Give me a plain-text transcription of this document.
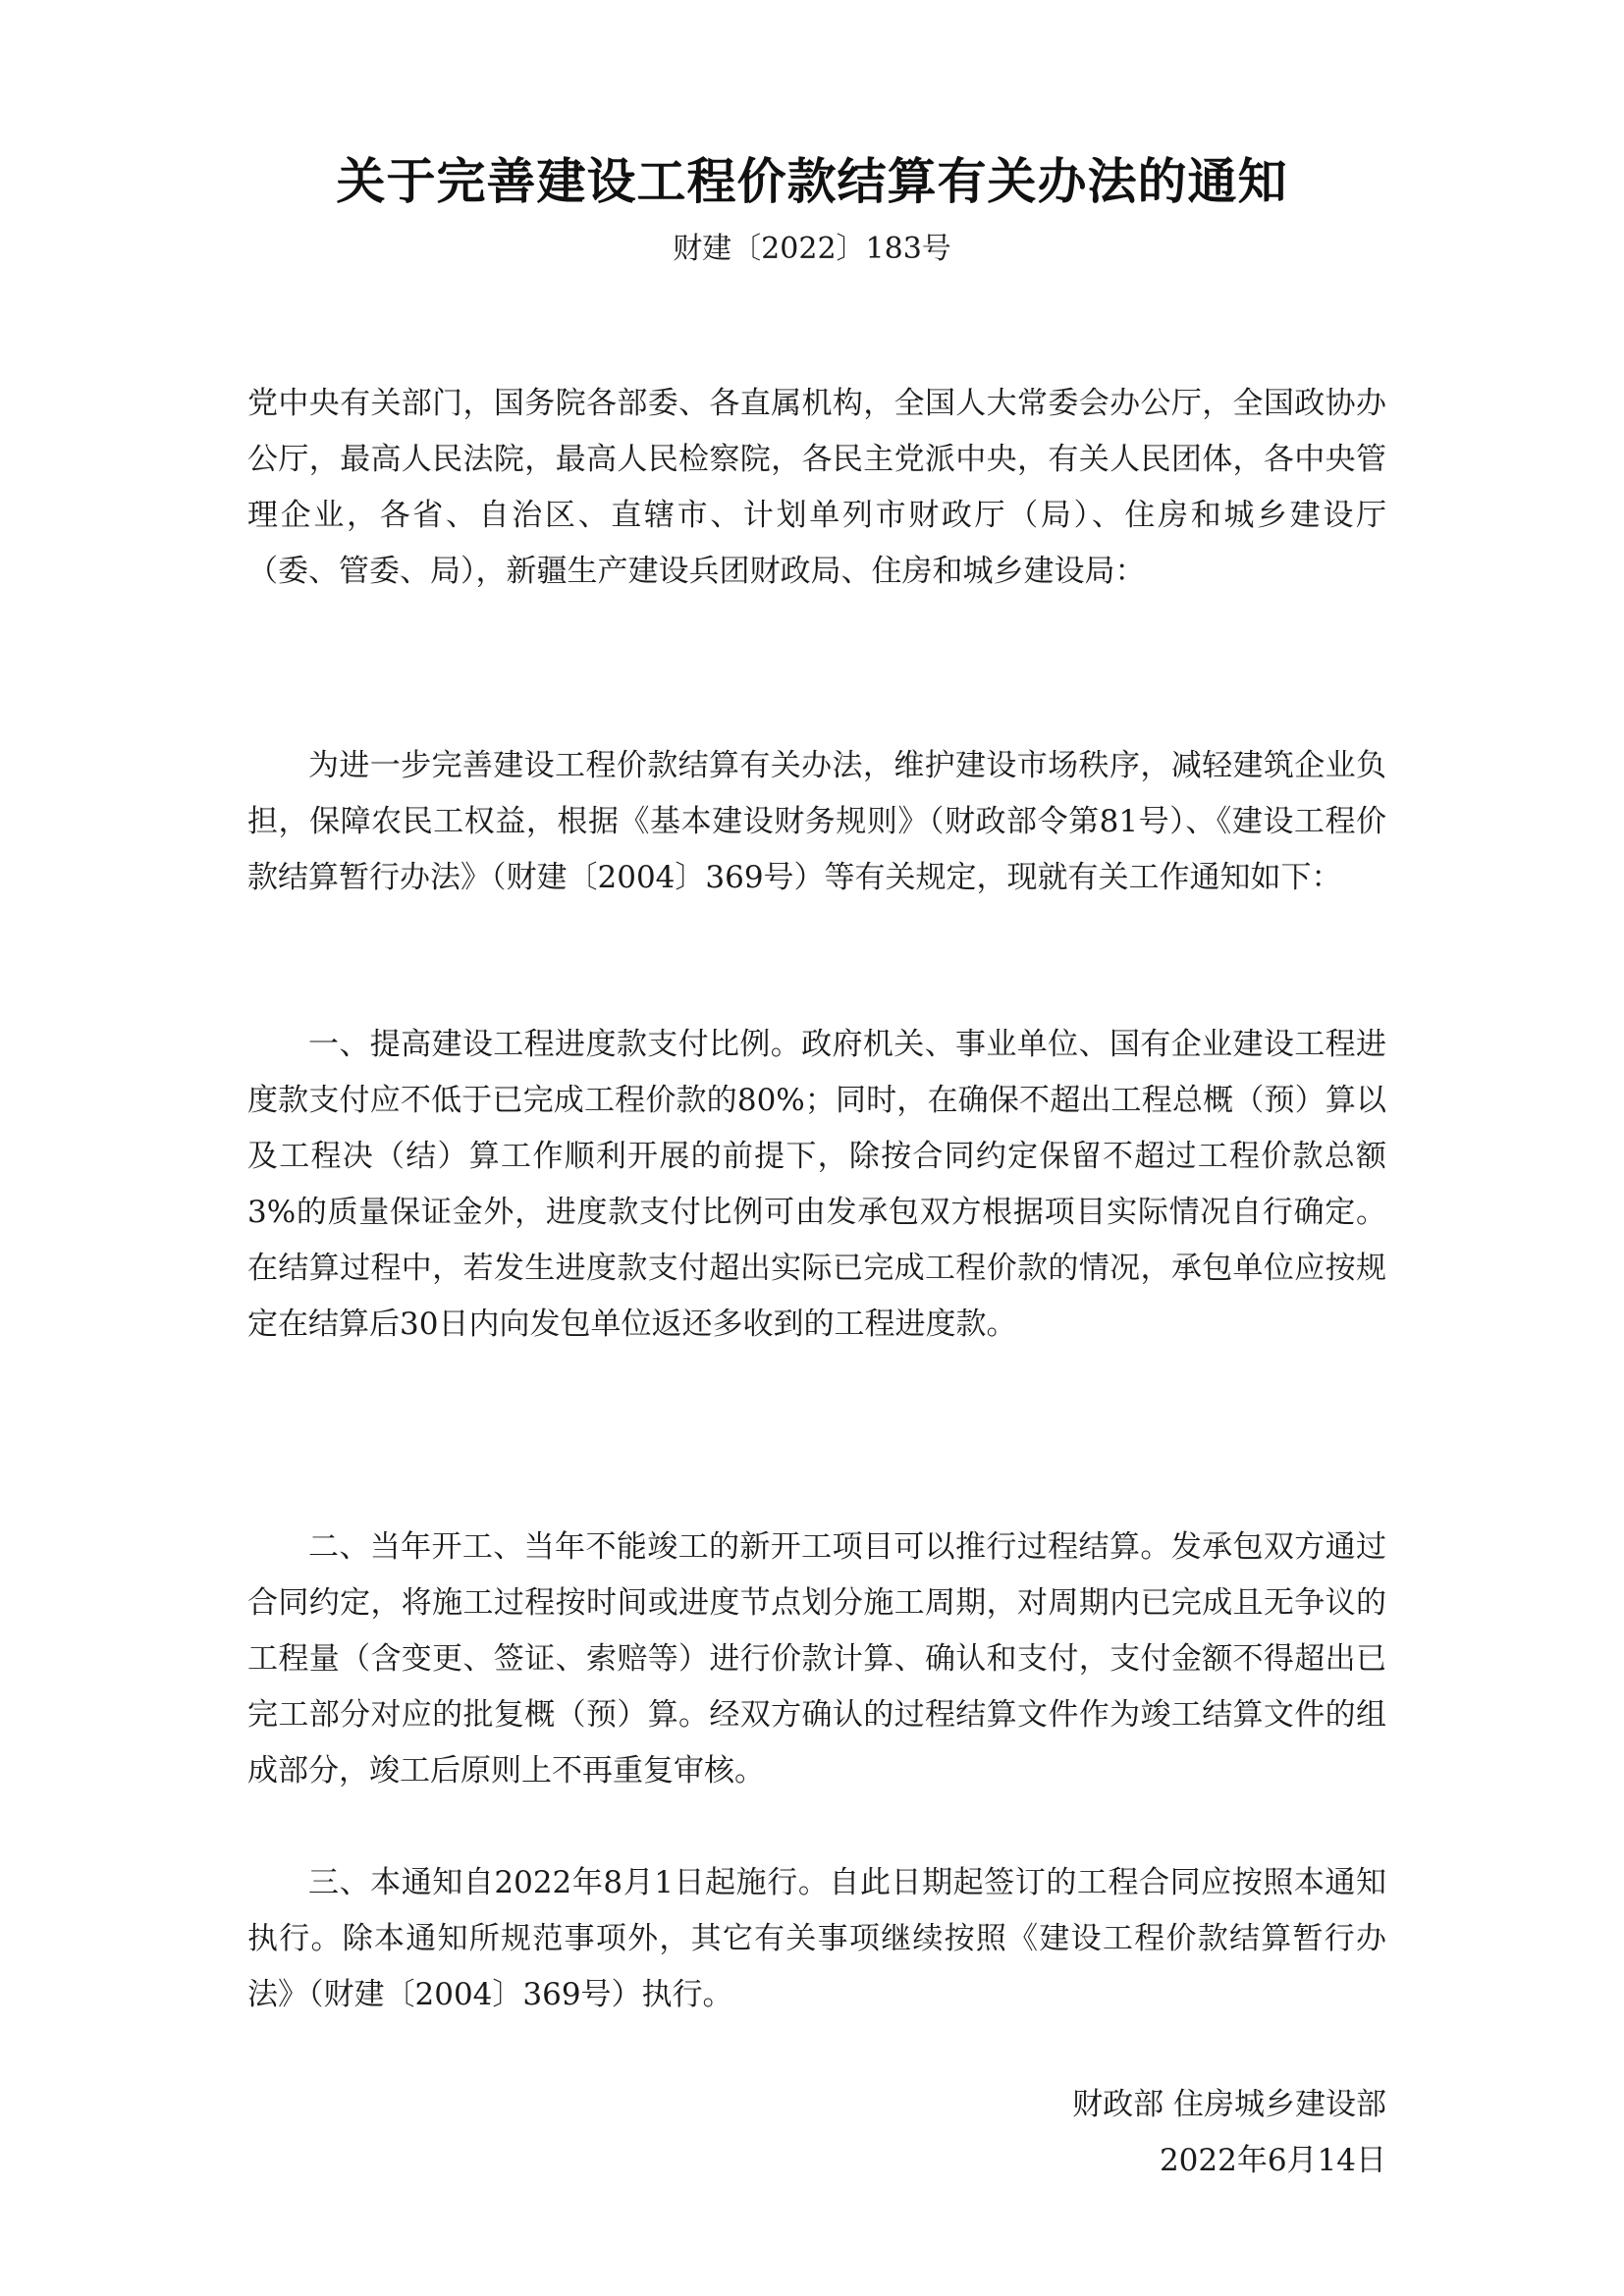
关于完善建设工程价款结算有关办法的通知
财建〔2022〕183号

党中央有关部门，国务院各部委、各直属机构，全国人大常委会办公厅，全国政协办公厅，最高人民法院，最高人民检察院，各民主党派中央，有关人民团体，各中央管理企业，各省、自治区、直辖市、计划单列市财政厅（局）、住房和城乡建设厅（委、管委、局），新疆生产建设兵团财政局、住房和城乡建设局：

为进一步完善建设工程价款结算有关办法，维护建设市场秩序，减轻建筑企业负担，保障农民工权益，根据《基本建设财务规则》（财政部令第81号）、《建设工程价款结算暂行办法》（财建〔2004〕369号）等有关规定，现就有关工作通知如下：

一、提高建设工程进度款支付比例。政府机关、事业单位、国有企业建设工程进度款支付应不低于已完成工程价款的80%；同时，在确保不超出工程总概（预）算以及工程决（结）算工作顺利开展的前提下，除按合同约定保留不超过工程价款总额3%的质量保证金外，进度款支付比例可由发承包双方根据项目实际情况自行确定。在结算过程中，若发生进度款支付超出实际已完成工程价款的情况，承包单位应按规定在结算后30日内向发包单位返还多收到的工程进度款。

二、当年开工、当年不能竣工的新开工项目可以推行过程结算。发承包双方通过合同约定，将施工过程按时间或进度节点划分施工周期，对周期内已完成且无争议的工程量（含变更、签证、索赔等）进行价款计算、确认和支付，支付金额不得超出已完工部分对应的批复概（预）算。经双方确认的过程结算文件作为竣工结算文件的组成部分，竣工后原则上不再重复审核。

三、本通知自2022年8月1日起施行。自此日期起签订的工程合同应按照本通知执行。除本通知所规范事项外，其它有关事项继续按照《建设工程价款结算暂行办法》（财建〔2004〕369号）执行。

财政部 住房城乡建设部
2022年6月14日
